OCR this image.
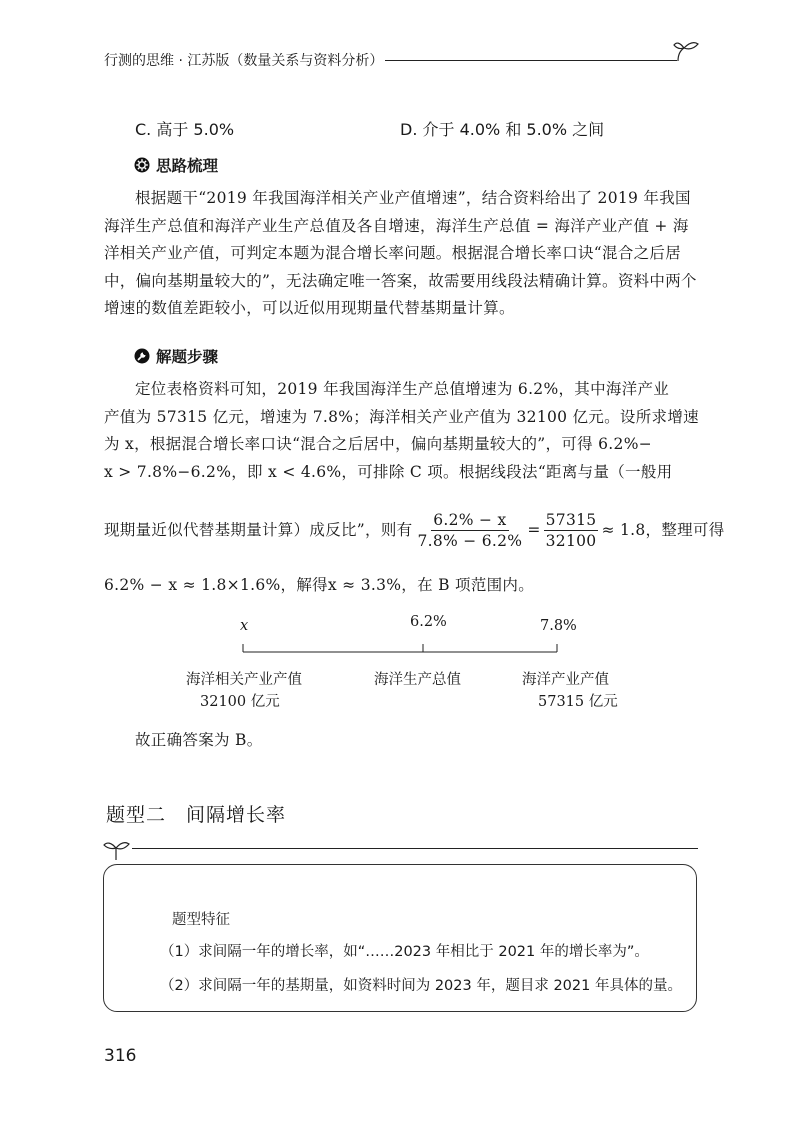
行测的思维 · 江苏版（数量关系与资料分析）
C. 高于 5.0%	D. 介于 4.0% 和 5.0% 之间
思路梳理
根据题干“2019 年我国海洋相关产业产值增速”，结合资料给出了 2019 年我国
海洋生产总值和海洋产业生产总值及各自增速，海洋生产总值 = 海洋产业产值 + 海
洋相关产业产值，可判定本题为混合增长率问题。根据混合增长率口诀“混合之后居
中，偏向基期量较大的”，无法确定唯一答案，故需要用线段法精确计算。资料中两个
增速的数值差距较小，可以近似用现期量代替基期量计算。
解题步骤
定位表格资料可知，2019 年我国海洋生产总值增速为 6.2%，其中海洋产业
产值为 57315 亿元，增速为 7.8%；海洋相关产业产值为 32100 亿元。设所求增速
为 x，根据混合增长率口诀“混合之后居中，偏向基期量较大的”，可得 6.2%−
x > 7.8%−6.2%，即 x < 4.6%，可排除 C 项。根据线段法“距离与量（一般用
现期量近似代替基期量计算）成反比”，则有 $\frac{6.2\% - x}{7.8\% - 6.2\%} = \frac{57315}{32100} \approx 1.8$，整理可得
6.2% − x ≈ 1.8×1.6%，解得x ≈ 3.3%，在 B 项范围内。
x	6.2%	7.8%
海洋相关产业产值
32100 亿元
海洋生产总值	海洋产业产值
57315 亿元
故正确答案为 B。
题型二　间隔增长率
题型特征
（1）求间隔一年的增长率，如“……2023 年相比于 2021 年的增长率为”。
（2）求间隔一年的基期量，如资料时间为 2023 年，题目求 2021 年具体的量。
316
